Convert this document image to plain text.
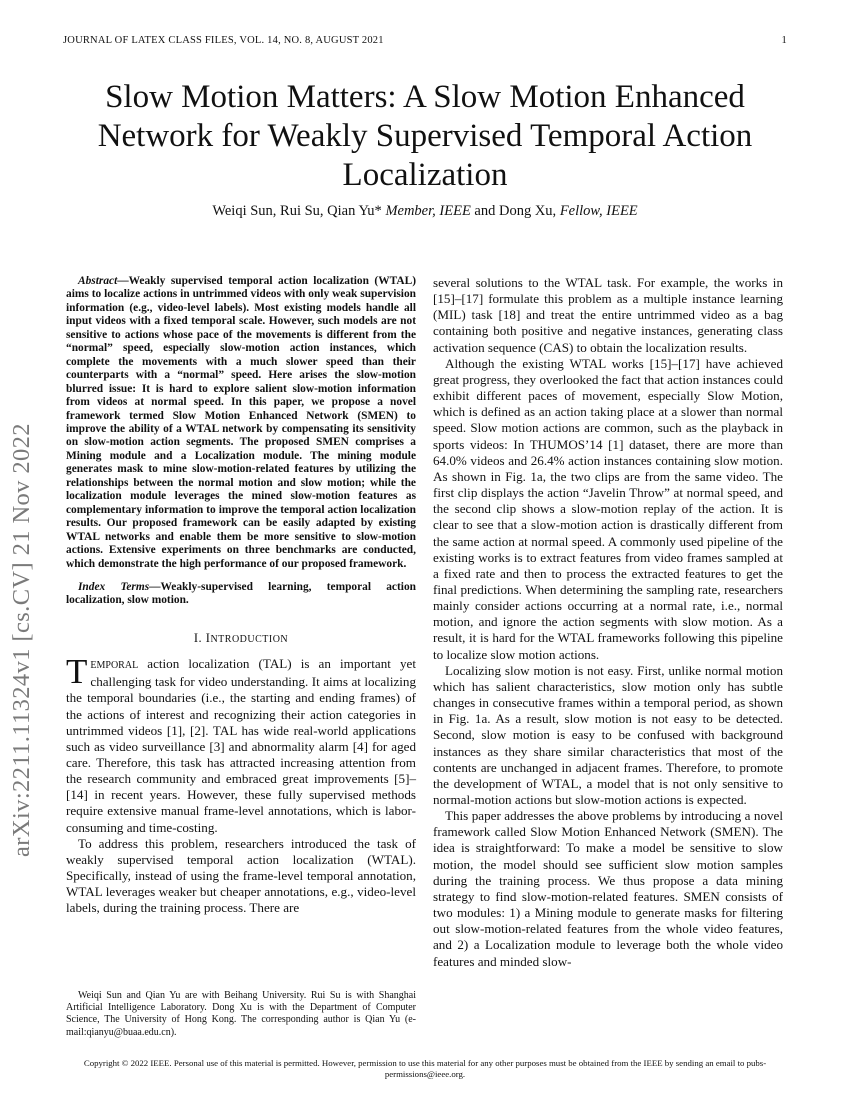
JOURNAL OF LATEX CLASS FILES, VOL. 14, NO. 8, AUGUST 2021	1
Slow Motion Matters: A Slow Motion Enhanced Network for Weakly Supervised Temporal Action Localization
Weiqi Sun, Rui Su, Qian Yu* Member, IEEE and Dong Xu, Fellow, IEEE
arXiv:2211.11324v1 [cs.CV] 21 Nov 2022

Abstract—Weakly supervised temporal action localization (WTAL) aims to localize actions in untrimmed videos with only weak supervision information (e.g., video-level labels). Most existing models handle all input videos with a fixed temporal scale. However, such models are not sensitive to actions whose pace of the movements is different from the “normal” speed, especially slow-motion action instances, which complete the movements with a much slower speed than their counterparts with a “normal” speed. Here arises the slow-motion blurred issue: It is hard to explore salient slow-motion information from videos at normal speed. In this paper, we propose a novel framework termed Slow Motion Enhanced Network (SMEN) to improve the ability of a WTAL network by compensating its sensitivity on slow-motion action segments. The proposed SMEN comprises a Mining module and a Localization module. The mining module generates mask to mine slow-motion-related features by utilizing the relationships between the normal motion and slow motion; while the localization module leverages the mined slow-motion features as complementary information to improve the temporal action localization results. Our proposed framework can be easily adapted by existing WTAL networks and enable them be more sensitive to slow-motion actions. Extensive experiments on three benchmarks are conducted, which demonstrate the high performance of our proposed framework.

Index Terms—Weakly-supervised learning, temporal action localization, slow motion.

I. INTRODUCTION

TEMPORAL action localization (TAL) is an important yet challenging task for video understanding. It aims at localizing the temporal boundaries (i.e., the starting and ending frames) of the actions of interest and recognizing their action categories in untrimmed videos [1], [2]. TAL has wide real-world applications such as video surveillance [3] and abnormality alarm [4] for aged care. Therefore, this task has attracted increasing attention from the research community and embraced great improvements [5]–[14] in recent years. However, these fully supervised methods require extensive manual frame-level annotations, which is labor-consuming and time-costing.

To address this problem, researchers introduced the task of weakly supervised temporal action localization (WTAL). Specifically, instead of using the frame-level temporal annotation, WTAL leverages weaker but cheaper annotations, e.g., video-level labels, during the training process. There are

several solutions to the WTAL task. For example, the works in [15]–[17] formulate this problem as a multiple instance learning (MIL) task [18] and treat the entire untrimmed video as a bag containing both positive and negative instances, generating class activation sequence (CAS) to obtain the localization results.

Although the existing WTAL works [15]–[17] have achieved great progress, they overlooked the fact that action instances could exhibit different paces of movement, especially Slow Motion, which is defined as an action taking place at a slower than normal speed. Slow motion actions are common, such as the playback in sports videos: In THUMOS’14 [1] dataset, there are more than 64.0% videos and 26.4% action instances containing slow motion. As shown in Fig. 1a, the two clips are from the same video. The first clip displays the action “Javelin Throw” at normal speed, and the second clip shows a slow-motion replay of the action. It is clear to see that a slow-motion action is drastically different from the same action at normal speed. A commonly used pipeline of the existing works is to extract features from video frames sampled at a fixed rate and then to process the extracted features to get the final predictions. When determining the sampling rate, researchers mainly consider actions occurring at a normal rate, i.e., normal motion, and ignore the action segments with slow motion. As a result, it is hard for the WTAL frameworks following this pipeline to localize slow motion actions.

Localizing slow motion is not easy. First, unlike normal motion which has salient characteristics, slow motion only has subtle changes in consecutive frames within a temporal period, as shown in Fig. 1a. As a result, slow motion is not easy to be detected. Second, slow motion is easy to be confused with background instances as they share similar characteristics that most of the contents are unchanged in adjacent frames. Therefore, to promote the development of WTAL, a model that is not only sensitive to normal-motion actions but slow-motion actions is expected.

This paper addresses the above problems by introducing a novel framework called Slow Motion Enhanced Network (SMEN). The idea is straightforward: To make a model be sensitive to slow motion, the model should see sufficient slow motion samples during the training process. We thus propose a data mining strategy to find slow-motion-related features. SMEN consists of two modules: 1) a Mining module to generate masks for filtering out slow-motion-related features from the whole video features, and 2) a Localization module to leverage both the whole video features and minded slow-

Weiqi Sun and Qian Yu are with Beihang University. Rui Su is with Shanghai Artificial Intelligence Laboratory. Dong Xu is with the Department of Computer Science, The University of Hong Kong. The corresponding author is Qian Yu (e-mail:qianyu@buaa.edu.cn).
Copyright © 2022 IEEE. Personal use of this material is permitted. However, permission to use this material for any other purposes must be obtained from the IEEE by sending an email to pubs-permissions@ieee.org.
